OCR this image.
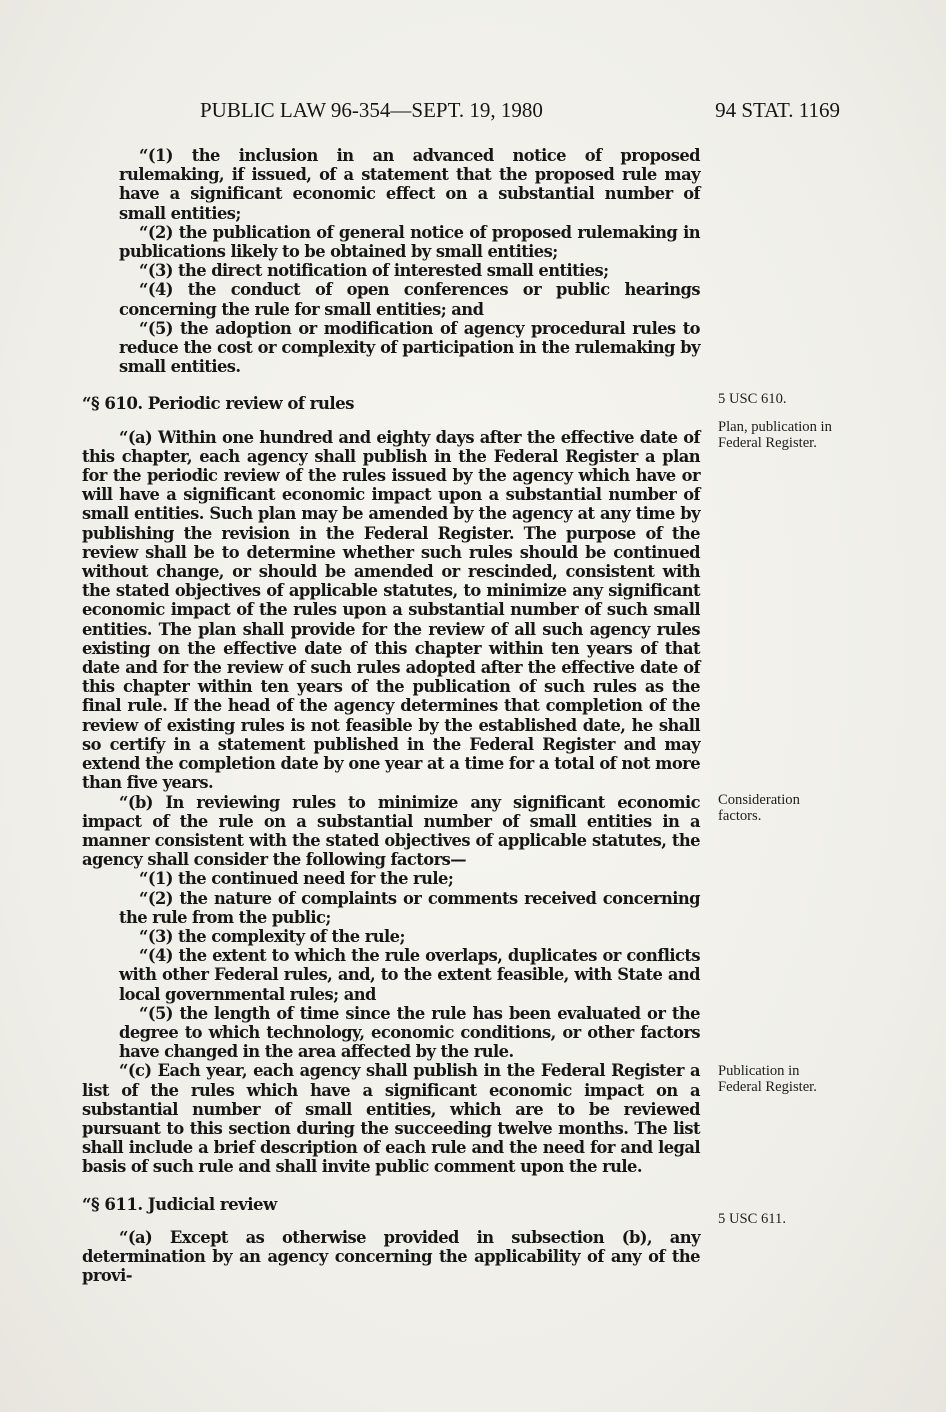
PUBLIC LAW 96-354—SEPT. 19, 1980	94 STAT. 1169

“(1) the inclusion in an advanced notice of proposed rulemaking, if issued, of a statement that the proposed rule may have a significant economic effect on a substantial number of small entities;

“(2) the publication of general notice of proposed rulemaking in publications likely to be obtained by small entities;

“(3) the direct notification of interested small entities;

“(4) the conduct of open conferences or public hearings concerning the rule for small entities; and

“(5) the adoption or modification of agency procedural rules to reduce the cost or complexity of participation in the rulemaking by small entities.

“§ 610. Periodic review of rules

“(a) Within one hundred and eighty days after the effective date of this chapter, each agency shall publish in the Federal Register a plan for the periodic review of the rules issued by the agency which have or will have a significant economic impact upon a substantial number of small entities. Such plan may be amended by the agency at any time by publishing the revision in the Federal Register. The purpose of the review shall be to determine whether such rules should be continued without change, or should be amended or rescinded, consistent with the stated objectives of applicable statutes, to minimize any significant economic impact of the rules upon a substantial number of such small entities. The plan shall provide for the review of all such agency rules existing on the effective date of this chapter within ten years of that date and for the review of such rules adopted after the effective date of this chapter within ten years of the publication of such rules as the final rule. If the head of the agency determines that completion of the review of existing rules is not feasible by the established date, he shall so certify in a statement published in the Federal Register and may extend the completion date by one year at a time for a total of not more than five years.

“(b) In reviewing rules to minimize any significant economic impact of the rule on a substantial number of small entities in a manner consistent with the stated objectives of applicable statutes, the agency shall consider the following factors—

“(1) the continued need for the rule;

“(2) the nature of complaints or comments received concerning the rule from the public;

“(3) the complexity of the rule;

“(4) the extent to which the rule overlaps, duplicates or conflicts with other Federal rules, and, to the extent feasible, with State and local governmental rules; and

“(5) the length of time since the rule has been evaluated or the degree to which technology, economic conditions, or other factors have changed in the area affected by the rule.

“(c) Each year, each agency shall publish in the Federal Register a list of the rules which have a significant economic impact on a substantial number of small entities, which are to be reviewed pursuant to this section during the succeeding twelve months. The list shall include a brief description of each rule and the need for and legal basis of such rule and shall invite public comment upon the rule.

“§ 611. Judicial review

“(a) Except as otherwise provided in subsection (b), any determination by an agency concerning the applicability of any of the provi-

5 USC 610.
Plan, publication in Federal Register.
Consideration factors.
Publication in Federal Register.
5 USC 611.
